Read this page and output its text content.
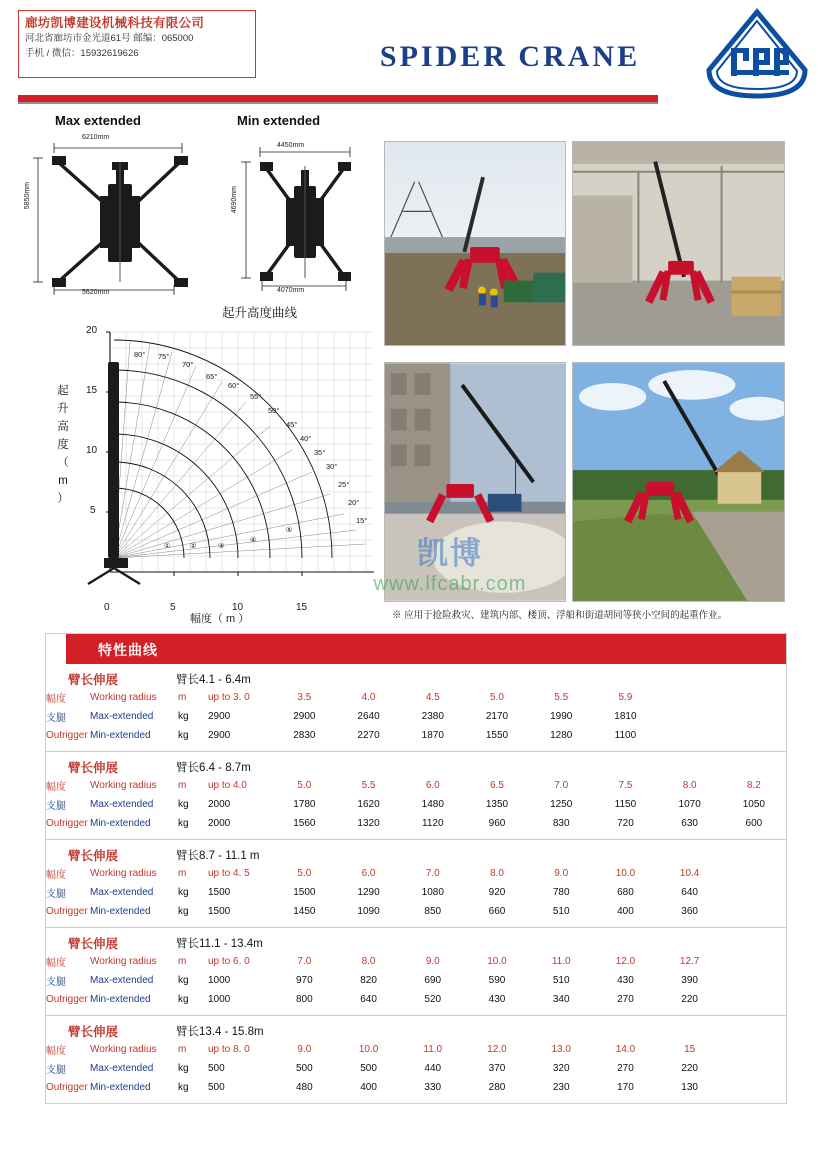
廊坊凯博建设机械科技有限公司
河北省廊坊市金光道61号 邮编：065000
手机 / 微信：15932619626	SPIDER CRANE
Max extended	Min extended
6210mm
5620mm
5850mm
4450mm
4070mm
4690mm
起升高度曲线
起
升
高
度
（
m
）
①	②	③
④
⑤
20
15
10
5
0	5	10	15
幅度（ m ）
80° 75°
70°
65°
60°
55°
50°
45°
40°
35°
30°
25°
20°
15°
凯博
www.lfcabr.com
※ 应用于抢险救灾、建筑内部、楼顶、浮船和街道胡同等狭小空间的起重作业。
特性曲线
臂长伸展	臂长4.1 - 6.4m
幅度	Working radius	m	up to 3. 0	3.5	4.0	4.5	5.0	5.5	5.9		
支腿	Max-extended	kg	2900	2900	2640	2380	2170	1990	1810		
Outrigger	Min-extended	kg	2900	2830	2270	1870	1550	1280	1100		
臂长伸展	臂长6.4 - 8.7m
幅度	Working radius	m	up to 4.0	5.0	5.5	6.0	6.5	7.0	7.5	8.0	8.2
支腿	Max-extended	kg	2000	1780	1620	1480	1350	1250	1150	1070	1050
Outrigger	Min-extended	kg	2000	1560	1320	1120	960	830	720	630	600
臂长伸展	臂长8.7 - 11.1 m
幅度	Working radius	m	up to 4. 5	5.0	6.0	7.0	8.0	9.0	10.0	10.4	
支腿	Max-extended	kg	1500	1500	1290	1080	920	780	680	640	
Outrigger	Min-extended	kg	1500	1450	1090	850	660	510	400	360	
臂长伸展	臂长11.1 - 13.4m
幅度	Working radius	m	up to 6. 0	7.0	8.0	9.0	10.0	11.0	12.0	12.7	
支腿	Max-extended	kg	1000	970	820	690	590	510	430	390	
Outrigger	Min-extended	kg	1000	800	640	520	430	340	270	220	
臂长伸展	臂长13.4 - 15.8m
幅度	Working radius	m	up to 8. 0	9.0	10.0	11.0	12.0	13.0	14.0	15	
支腿	Max-extended	kg	500	500	500	440	370	320	270	220	
Outrigger	Min-extended	kg	500	480	400	330	280	230	170	130	
